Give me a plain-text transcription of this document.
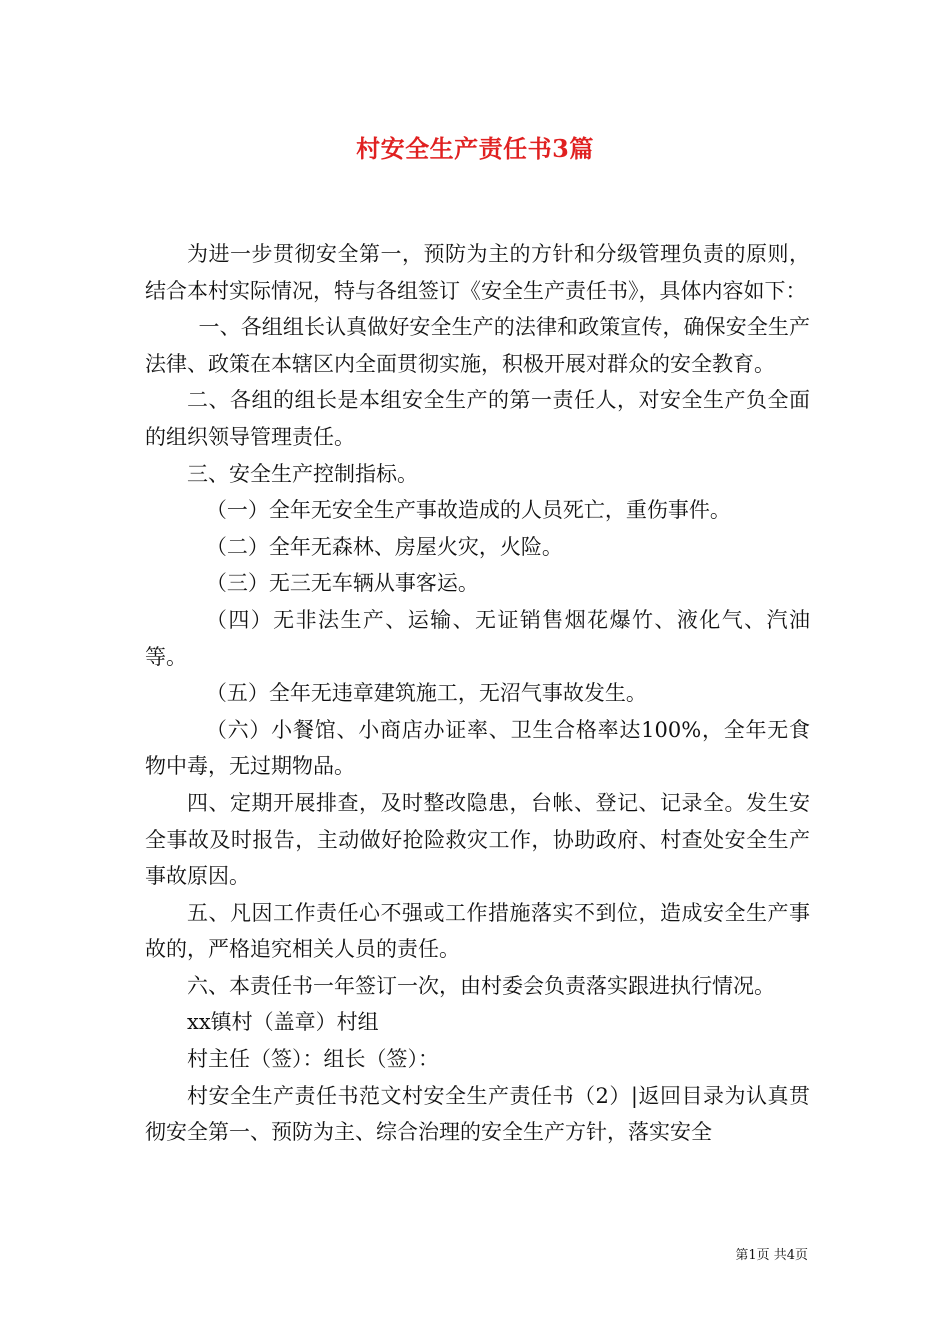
村安全生产责任书3篇

为进一步贯彻安全第一，预防为主的方针和分级管理负责的原则，结合本村实际情况，特与各组签订《安全生产责任书》，具体内容如下：

一、各组组长认真做好安全生产的法律和政策宣传，确保安全生产法律、政策在本辖区内全面贯彻实施，积极开展对群众的安全教育。

二、各组的组长是本组安全生产的第一责任人，对安全生产负全面的组织领导管理责任。

三、安全生产控制指标。

（一）全年无安全生产事故造成的人员死亡，重伤事件。

（二）全年无森林、房屋火灾，火险。

（三）无三无车辆从事客运。

（四）无非法生产、运输、无证销售烟花爆竹、液化气、汽油等。

（五）全年无违章建筑施工，无沼气事故发生。

（六）小餐馆、小商店办证率、卫生合格率达100%，全年无食物中毒，无过期物品。

四、定期开展排查，及时整改隐患，台帐、登记、记录全。发生安全事故及时报告，主动做好抢险救灾工作，协助政府、村查处安全生产事故原因。

五、凡因工作责任心不强或工作措施落实不到位，造成安全生产事故的，严格追究相关人员的责任。

六、本责任书一年签订一次，由村委会负责落实跟进执行情况。

xx镇村（盖章）村组

村主任（签）：组长（签）：

村安全生产责任书范文村安全生产责任书（2）|返回目录为认真贯彻安全第一、预防为主、综合治理的安全生产方针，落实安全

第1页 共4页
